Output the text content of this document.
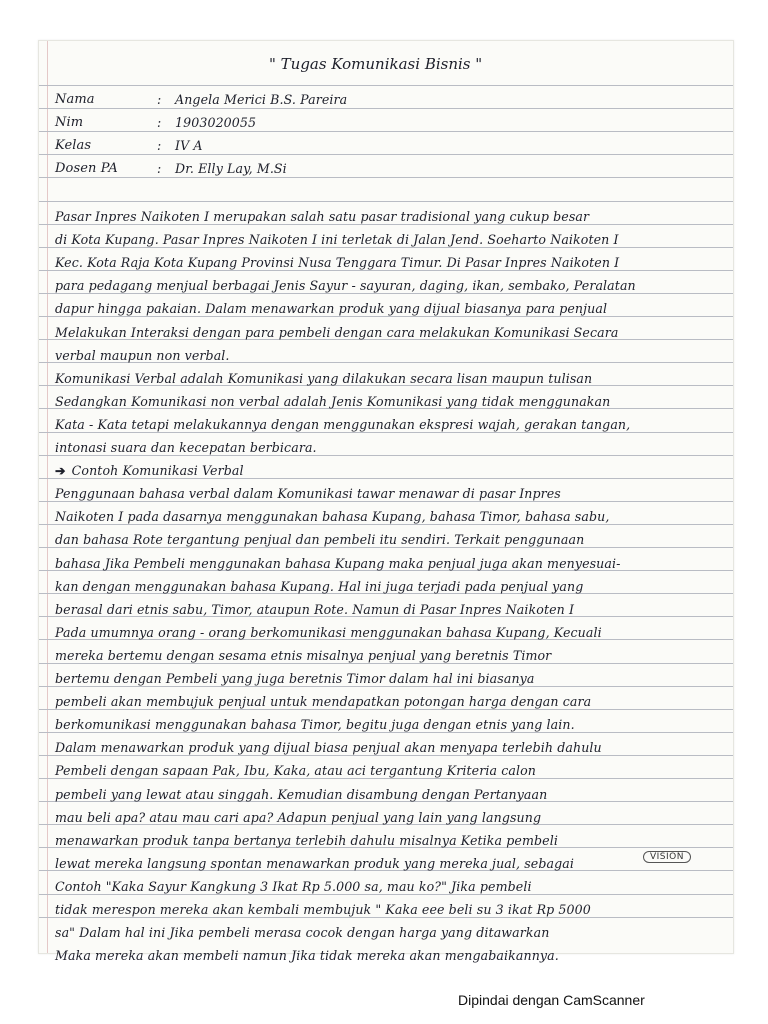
" Tugas Komunikasi Bisnis "
Nama	: Angela Merici B.S. Pareira
Nim	: 1903020055
Kelas	: IV A
Dosen PA	: Dr. Elly Lay, M.Si
Pasar Inpres Naikoten I merupakan salah satu pasar tradisional yang cukup besar
di Kota Kupang. Pasar Inpres Naikoten I ini terletak di Jalan Jend. Soeharto Naikoten I
Kec. Kota Raja Kota Kupang Provinsi Nusa Tenggara Timur. Di Pasar Inpres Naikoten I
para pedagang menjual berbagai Jenis Sayur - sayuran, daging, ikan, sembako, Peralatan
dapur hingga pakaian. Dalam menawarkan produk yang dijual biasanya para penjual
Melakukan Interaksi dengan para pembeli dengan cara melakukan Komunikasi Secara
verbal maupun non verbal.
Komunikasi Verbal adalah Komunikasi yang dilakukan secara lisan maupun tulisan
Sedangkan Komunikasi non verbal adalah Jenis Komunikasi yang tidak menggunakan
Kata - Kata tetapi melakukannya dengan menggunakan ekspresi wajah, gerakan tangan,
intonasi suara dan kecepatan berbicara.
➔ Contoh Komunikasi Verbal
Penggunaan bahasa verbal dalam Komunikasi tawar menawar di pasar Inpres
Naikoten I pada dasarnya menggunakan bahasa Kupang, bahasa Timor, bahasa sabu,
dan bahasa Rote tergantung penjual dan pembeli itu sendiri. Terkait penggunaan
bahasa Jika Pembeli menggunakan bahasa Kupang maka penjual juga akan menyesuai-
kan dengan menggunakan bahasa Kupang. Hal ini juga terjadi pada penjual yang
berasal dari etnis sabu, Timor, ataupun Rote. Namun di Pasar Inpres Naikoten I
Pada umumnya orang - orang berkomunikasi menggunakan bahasa Kupang, Kecuali
mereka bertemu dengan sesama etnis misalnya penjual yang beretnis Timor
bertemu dengan Pembeli yang juga beretnis Timor dalam hal ini biasanya
pembeli akan membujuk penjual untuk mendapatkan potongan harga dengan cara
berkomunikasi menggunakan bahasa Timor, begitu juga dengan etnis yang lain.
Dalam menawarkan produk yang dijual biasa penjual akan menyapa terlebih dahulu
Pembeli dengan sapaan Pak, Ibu, Kaka, atau aci tergantung Kriteria calon
pembeli yang lewat atau singgah. Kemudian disambung dengan Pertanyaan
mau beli apa? atau mau cari apa? Adapun penjual yang lain yang langsung
menawarkan produk tanpa bertanya terlebih dahulu misalnya Ketika pembeli
lewat mereka langsung spontan menawarkan produk yang mereka jual, sebagai
Contoh "Kaka Sayur Kangkung 3 Ikat Rp 5.000 sa, mau ko?" Jika pembeli
tidak merespon mereka akan kembali membujuk " Kaka eee beli su 3 ikat Rp 5000
sa" Dalam hal ini Jika pembeli merasa cocok dengan harga yang ditawarkan
Maka mereka akan membeli namun Jika tidak mereka akan mengabaikannya.
VISION
Dipindai dengan CamScanner
